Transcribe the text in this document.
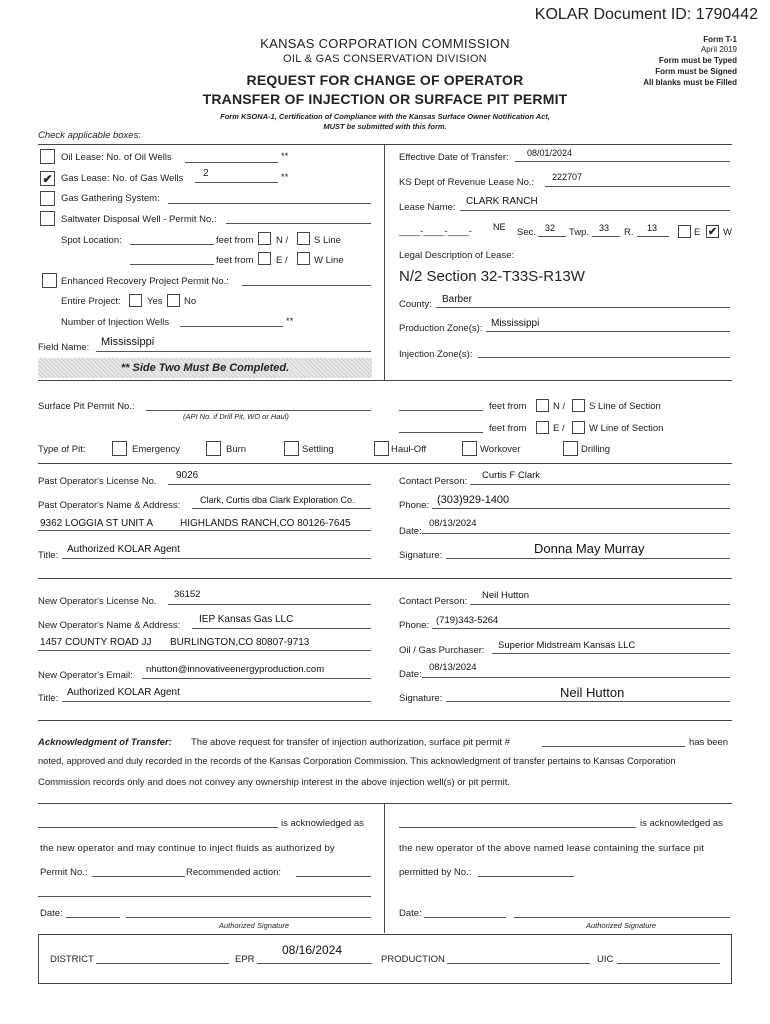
KOLAR Document ID: 1790442
KANSAS CORPORATION COMMISSION
OIL & GAS CONSERVATION DIVISION
REQUEST FOR CHANGE OF OPERATOR
TRANSFER OF INJECTION OR SURFACE PIT PERMIT
Form KSONA-1, Certification of Compliance with the Kansas Surface Owner Notification Act,
MUST be submitted with this form.
Form T-1
April 2019
Form must be Typed
Form must be Signed
All blanks must be Filled
Check applicable boxes:
Oil Lease: No. of Oil Wells	**
✔ Gas Lease: No. of Gas Wells 2	**
Gas Gathering System:
Saltwater Disposal Well - Permit No.:
Spot Location:	feet from N /	S Line
feet from E /	W Line
Enhanced Recovery Project Permit No.:
Entire Project:	Yes No
Number of Injection Wells	**
Field Name: Mississippi
** Side Two Must Be Completed.
Effective Date of Transfer: 08/01/2024
KS Dept of Revenue Lease No.: 222707
Lease Name:
CLARK RANCH
____-____-____- NE Sec. 32 Twp. 33 R. 13	E ✔ W
Legal Description of Lease:
N/2 Section 32-T33S-R13W
County: Barber
Production Zone(s): Mississippi
Injection Zone(s):
Surface Pit Permit No.:
(API No. if Drill Pit, WO or Haul)
feet from	N /	S Line of Section
feet from	E /	W Line of Section
Type of Pit:	Emergency	Burn	Settling	Haul-Off	Workover	Drilling
Past Operator's License No.
9026
Past Operator's Name & Address: Clark, Curtis dba Clark Exploration Co.
9362 LOGGIA ST UNIT A	HIGHLANDS RANCH,CO 80126-7645
Title:
Authorized KOLAR Agent
Contact Person:
Curtis F Clark
Phone: (303)929-1400
Date:
08/13/2024
Signature:	Donna May Murray
New Operator's License No.
36152
New Operator's Name & Address:
IEP Kansas Gas LLC
1457 COUNTY ROAD JJ BURLINGTON,CO 80807-9713
New Operator's Email:
nhutton@innovativeenergyproduction.com
Title:
Authorized KOLAR Agent
Contact Person:
Neil Hutton
Phone: (719)343-5264
Oil / Gas Purchaser: Superior Midstream Kansas LLC
Date:
08/13/2024
Signature:	Neil Hutton
Acknowledgment of Transfer: The above request for transfer of injection authorization, surface pit permit #	has been
noted, approved and duly recorded in the records of the Kansas Corporation Commission. This acknowledgment of transfer pertains to Kansas Corporation
Commission records only and does not convey any ownership interest in the above injection well(s) or pit permit.
is acknowledged as
the new operator and may continue to inject fluids as authorized by
Permit No.:	Recommended action:
Date:
Authorized Signature
is acknowledged as
the new operator of the above named lease containing the surface pit
permitted by No.:
Date:
Authorized Signature
DISTRICT	EPR
08/16/2024
PRODUCTION	UIC
